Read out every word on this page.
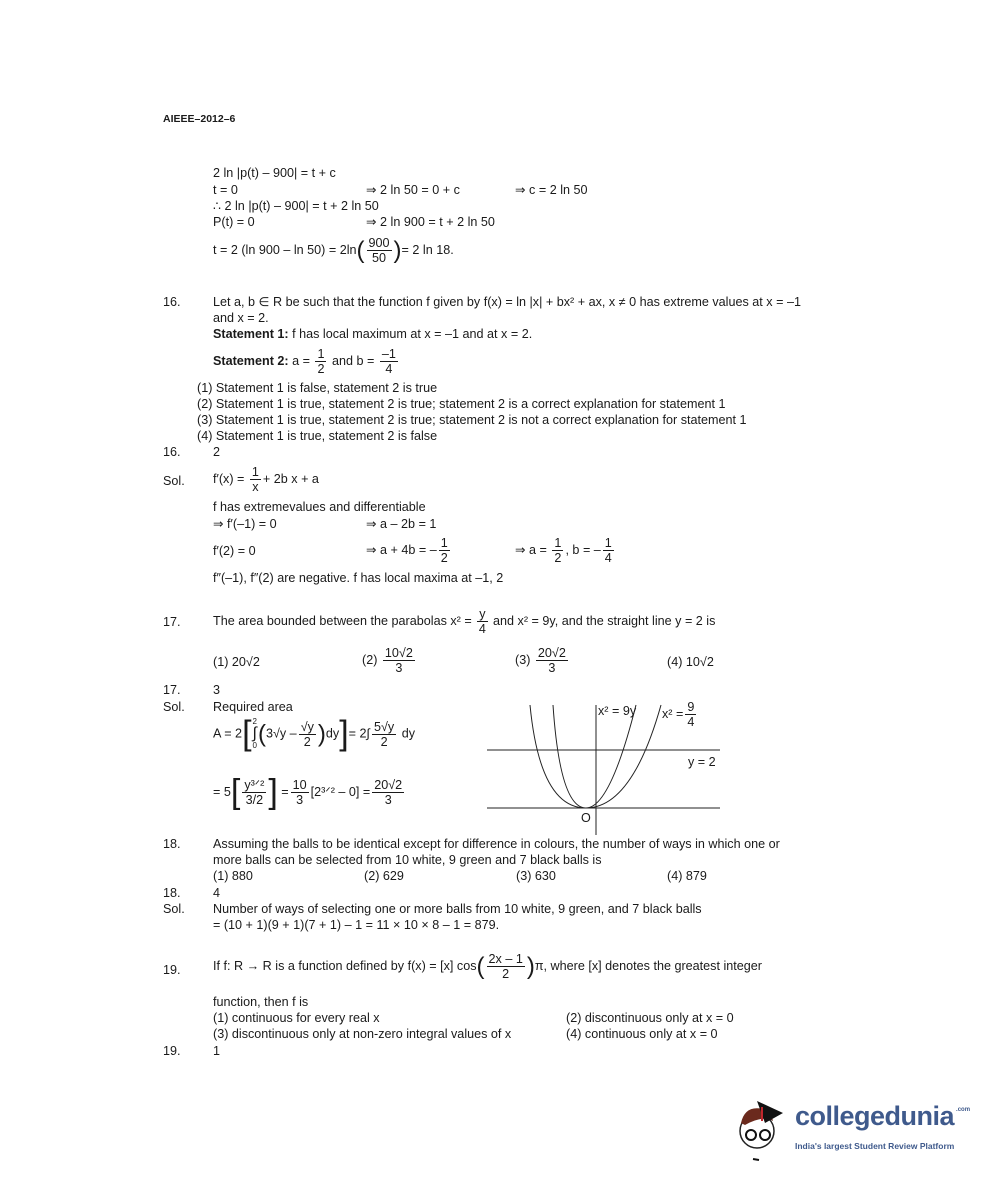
AIEEE–2012–6
2 ln |p(t) – 900| = t + c
t = 0	⇒ 2 ln 50 = 0 + c	⇒ c = 2 ln 50
∴ 2 ln |p(t) – 900| = t + 2 ln 50
P(t) = 0	⇒ 2 ln 900 = t + 2 ln 50
t = 2 (ln $900 - \ln 50) = 2\ln( \frac{900}{50}$ )= 2 ln 18.
16.	Let a, b ∈ R be such that the function f given by f(x) = ln |x| + bx² + ax, x ≠ 0 has extreme values at x = –1
and x = 2.
Statement 1: f has local maximum at x = –1 and at x = 2.
Statement 2: $a = \frac{1}{2}$ and $b = \frac{-1}{4}$
(1) Statement 1 is false, statement 2 is true
(2) Statement 1 is true, statement 2 is true; statement 2 is a correct explanation for statement 1
(3) Statement 1 is true, statement 2 is true; statement 2 is not a correct explanation for statement 1
(4) Statement 1 is true, statement 2 is false
16.	2
Sol. $f'(x) = \frac{1}{x} + 2b$ x + a
f has extremevalues and differentiable
⇒ f′(–1) = 0	⇒ a – 2b = 1
f′(2) = 0	⇒ a + 4b = – $\frac{1}{2}$	⇒ $a = \frac{1}{2}$ , b = – $\frac{1}{4}$
f″(–1), f″(2) are negative. f has local maxima at –1, 2
17.	The area bounded between the parabolas $x^2 = \frac{y}{4}$ and x² = 9y, and the straight line y = 2 is
(1) 20√2	$(2) \frac{10√2}{3}$	$(3) \frac{20√2}{3}$	(4) 10√2
17.	3
Sol. Required area
A = 2[ 2
∫
0 $(3√y - \frac{√y}{2} )dy]= 2\int \frac{5√y}{2}$ dy
= $5[ \frac{\text{y³ᐟ²}}{3/2}$ ] = $\frac{10}{3}$ [2³ᐟ² – $0] = \frac{20√2}{3}$
x² = 9y $x^2 = \frac{9}{4}$
y = 2
O
18.	Assuming the balls to be identical except for difference in colours, the number of ways in which one or
more balls can be selected from 10 white, 9 green and 7 black balls is
(1) 880	(2) 629	(3) 630	(4) 879
18.	4
Sol. Number of ways of selecting one or more balls from 10 white, 9 green, and 7 black balls
= (10 + 1)(9 + 1)(7 + 1) – 1 = 11 × 10 × 8 – 1 = 879.
19.	If f: R → R is a function defined by f(x) = [x] $\cos( \frac{2x - 1}{2} )\pi$, where [x] denotes the greatest integer
function, then f is
(1) continuous for every real x	(2) discontinuous only at x = 0
(3) discontinuous only at non-zero integral values of x	(4) continuous only at x = 0
19.	1
collegedunia .com
India's largest Student Review Platform
